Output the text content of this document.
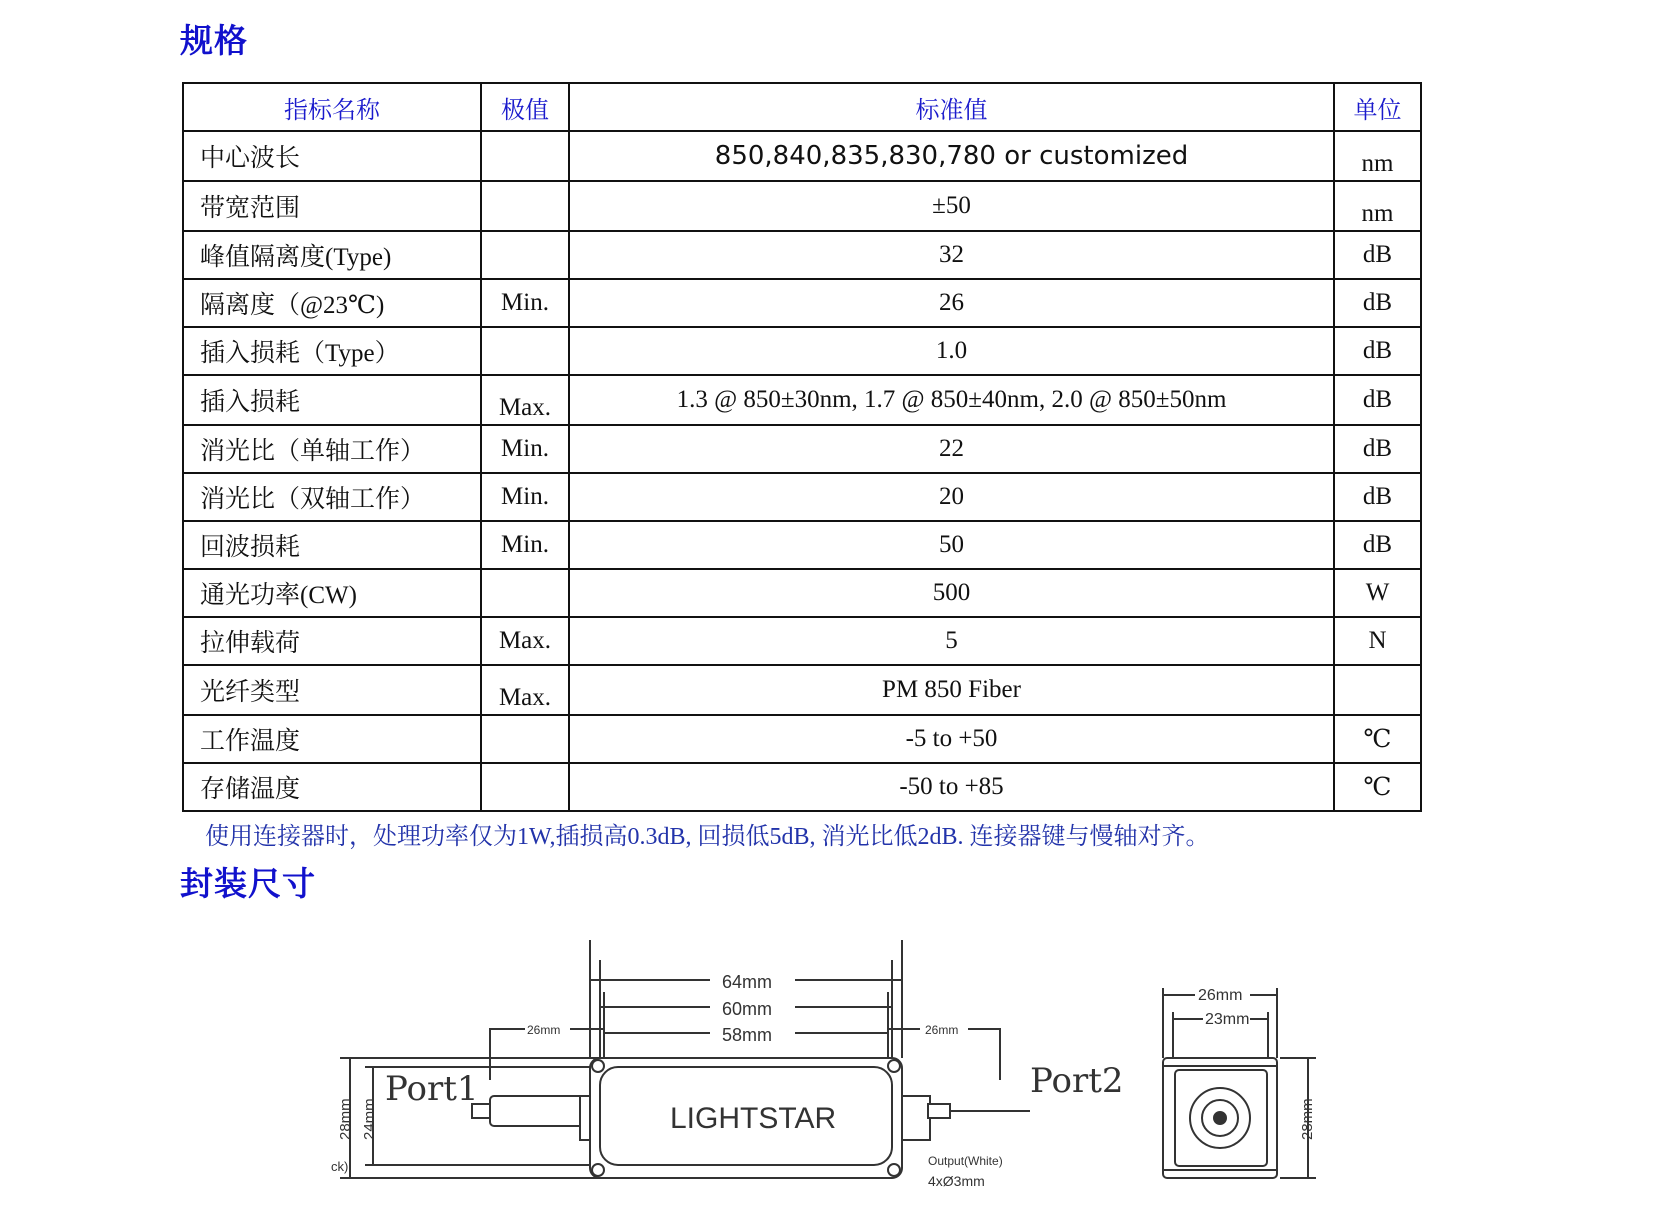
规格
指标名称	极值	标准值	单位
中心波长		850,840,835,830,780 or customized	nm
带宽范围		±50	nm
峰值隔离度(Type)		32	dB
隔离度（@23℃)	Min.	26	dB
插入损耗（Type）		1.0	dB
插入损耗	Max.	1.3 @ 850±30nm, 1.7 @ 850±40nm, 2.0 @ 850±50nm	dB
消光比（单轴工作）	Min.	22	dB
消光比（双轴工作）	Min.	20	dB
回波损耗	Min.	50	dB
通光功率(CW)		500	W
拉伸载荷	Max.	5	N
光纤类型	Max.	PM 850 Fiber	
工作温度		-5 to +50	℃
存储温度		-50 to +85	℃
使用连接器时，处理功率仅为1W,插损高0.3dB, 回损低5dB, 消光比低2dB. 连接器键与慢轴对齐。
封装尺寸
64mm
60mm
58mm
26mm	26mm
28mm 24mm
ck)
LIGHTSTAR
Port1	Port2
Output(White)
4xØ3mm
26mm
23mm
28mm
